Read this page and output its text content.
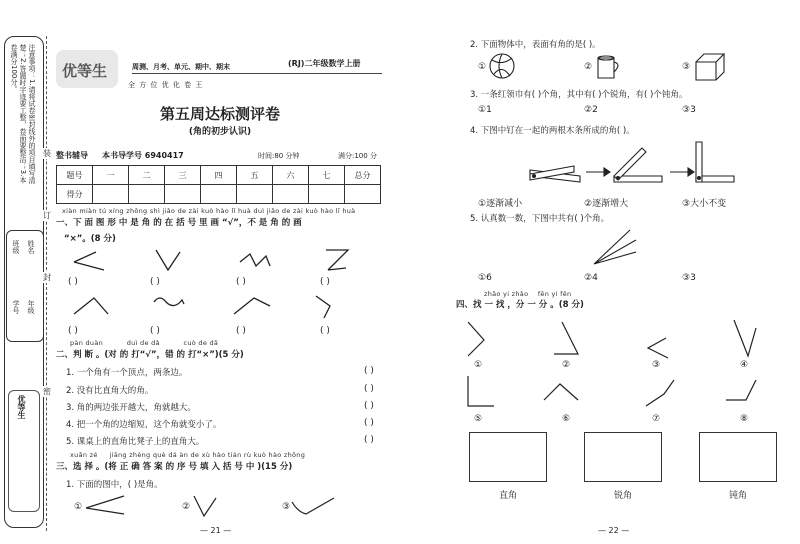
注意事项：1.请将试卷密封线外的项目填写清楚；2.答题时字迹要工整，卷面要整洁；3.本卷满分100分。
班级 姓名
学号 年级
优等生
装
订
封
密
优等生	周测、月考、单元、期中、期末
全 方 位 优 化 卷 王
(RJ)二年级数学上册
第五周达标测评卷
(角的初步认识)
整书辅导 本书导学号 6940417	时间:80 分钟	满分:100 分
题号	一	二	三	四	五	六	七	总分
得分								
xiàn miàn tú xíng zhōng shì jiǎo de zài kuò hào lǐ huà duì jiǎo de zài kuò hào lǐ huà
一、下 面 图 形 中 是 角 的 在 括 号 里 画 “√”，不 是 角 的 画
“×”。(8 分)
( )	( )	( )	( )
( )	( )	( )	( )
pàn duàn          duì de dǎ          cuò de dǎ
二、判 断 。(对 的 打“√”，错 的 打“×”)(5 分)
1. 一个角有一个顶点，两条边。
2. 没有比直角大的角。
3. 角的两边张开越大，角就越大。
4. 把一个角的边缩短，这个角就变小了。
5. 课桌上的直角比凳子上的直角大。
( )
( )
( )
( )
( )
xuǎn zé     jiāng zhèng què dá àn de xù hào tián rù kuò hào zhōng
三、选 择 。(将 正 确 答 案 的 序 号 填 入 括 号 中 )(15 分)
1. 下面的图中，( )是角。
①	②	③
— 21 —
2. 下面物体中，表面有角的是( )。
①	②	③
3. 一条红领巾有( )个角，其中有( )个锐角，有( )个钝角。
①1	②2	③3
4. 下图中钉在一起的两根木条所成的角( )。
①逐渐减小	②逐渐增大	③大小不变
5. 认真数一数，下图中共有( )个角。
①6	②4	③3
zhǎo yi zhǎo    fēn yi fēn
四、找 一 找 ，分 一 分 。(8 分)
①	②	③	④
⑤	⑥	⑦	⑧
直角	锐角	钝角
— 22 —
